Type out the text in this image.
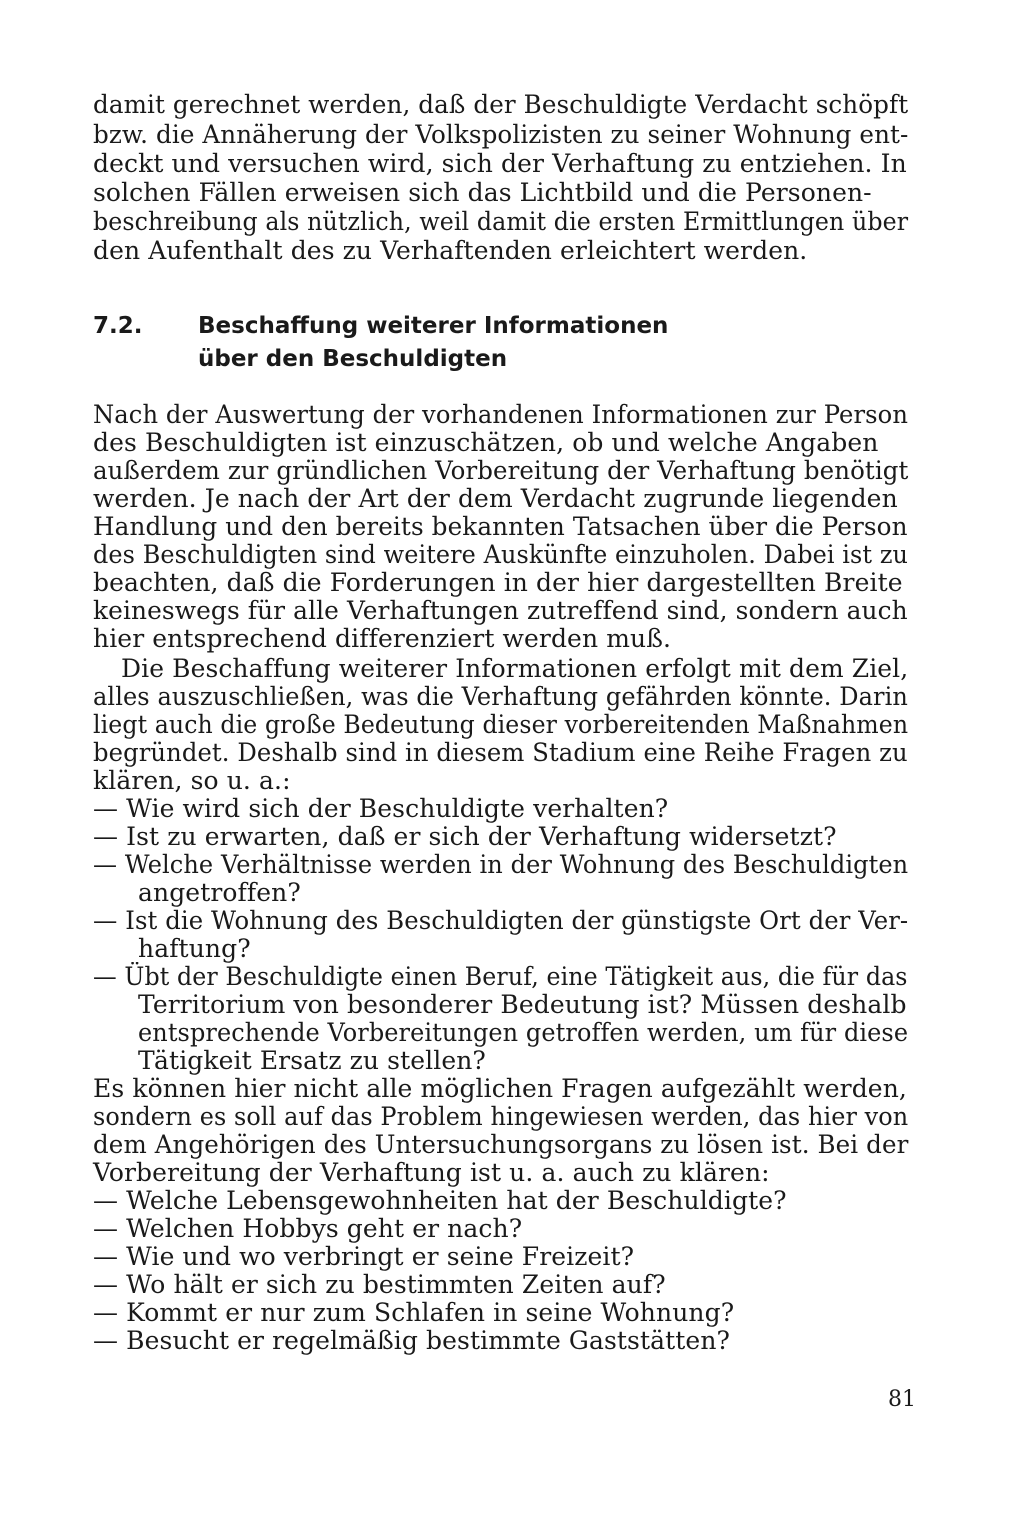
damit gerechnet werden, daß der Beschuldigte Verdacht schöpft
bzw. die Annäherung der Volkspolizisten zu seiner Wohnung ent-
deckt und versuchen wird, sich der Verhaftung zu entziehen. In
solchen Fällen erweisen sich das Lichtbild und die Personen-
beschreibung als nützlich, weil damit die ersten Ermittlungen über
den Aufenthalt des zu Verhaftenden erleichtert werden.
7.2. Beschaffung weiterer Informationen
über den Beschuldigten
Nach der Auswertung der vorhandenen Informationen zur Person
des Beschuldigten ist einzuschätzen, ob und welche Angaben
außerdem zur gründlichen Vorbereitung der Verhaftung benötigt
werden. Je nach der Art der dem Verdacht zugrunde liegenden
Handlung und den bereits bekannten Tatsachen über die Person
des Beschuldigten sind weitere Auskünfte einzuholen. Dabei ist zu
beachten, daß die Forderungen in der hier dargestellten Breite
keineswegs für alle Verhaftungen zutreffend sind, sondern auch
hier entsprechend differenziert werden muß.
Die Beschaffung weiterer Informationen erfolgt mit dem Ziel,
alles auszuschließen, was die Verhaftung gefährden könnte. Darin
liegt auch die große Bedeutung dieser vorbereitenden Maßnahmen
begründet. Deshalb sind in diesem Stadium eine Reihe Fragen zu
klären, so u. a.:
— Wie wird sich der Beschuldigte verhalten?
— Ist zu erwarten, daß er sich der Verhaftung widersetzt?
— Welche Verhältnisse werden in der Wohnung des Beschuldigten
angetroffen?
— Ist die Wohnung des Beschuldigten der günstigste Ort der Ver-
haftung?
— Übt der Beschuldigte einen Beruf, eine Tätigkeit aus, die für das
Territorium von besonderer Bedeutung ist? Müssen deshalb
entsprechende Vorbereitungen getroffen werden, um für diese
Tätigkeit Ersatz zu stellen?
Es können hier nicht alle möglichen Fragen aufgezählt werden,
sondern es soll auf das Problem hingewiesen werden, das hier von
dem Angehörigen des Untersuchungsorgans zu lösen ist. Bei der
Vorbereitung der Verhaftung ist u. a. auch zu klären:
— Welche Lebensgewohnheiten hat der Beschuldigte?
— Welchen Hobbys geht er nach?
— Wie und wo verbringt er seine Freizeit?
— Wo hält er sich zu bestimmten Zeiten auf?
— Kommt er nur zum Schlafen in seine Wohnung?
— Besucht er regelmäßig bestimmte Gaststätten?
81
